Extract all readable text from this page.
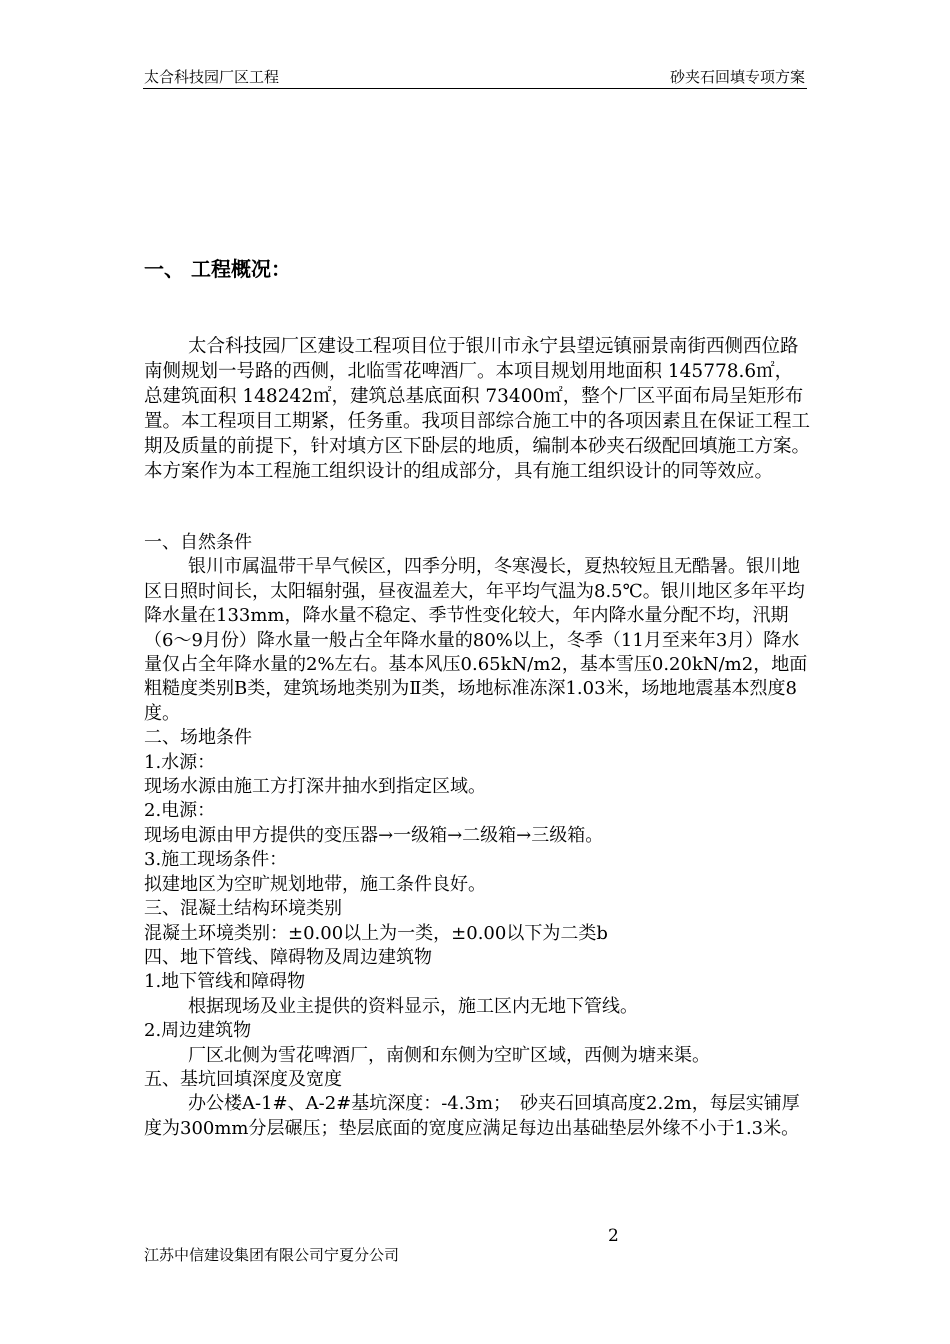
太合科技园厂区工程	砂夹石回填专项方案
一、 工程概况：

太合科技园厂区建设工程项目位于银川市永宁县望远镇丽景南街西侧西位路南侧规划一号路的西侧，北临雪花啤酒厂。本项目规划用地面积 145778.6㎡，总建筑面积 148242㎡，建筑总基底面积 73400㎡，整个厂区平面布局呈矩形布置。本工程项目工期紧，任务重。我项目部综合施工中的各项因素且在保证工程工期及质量的前提下，针对填方区下卧层的地质，编制本砂夹石级配回填施工方案。本方案作为本工程施工组织设计的组成部分，具有施工组织设计的同等效应。

一、自然条件

银川市属温带干旱气候区，四季分明，冬寒漫长，夏热较短且无酷暑。银川地区日照时间长，太阳辐射强，昼夜温差大，年平均气温为8.5℃。银川地区多年平均降水量在133mm，降水量不稳定、季节性变化较大，年内降水量分配不均，汛期（6～9月份）降水量一般占全年降水量的80%以上，冬季（11月至来年3月）降水量仅占全年降水量的2%左右。基本风压0.65kN/m2，基本雪压0.20kN/m2，地面粗糙度类别B类，建筑场地类别为Ⅱ类，场地标准冻深1.03米，场地地震基本烈度8度。

二、场地条件

1.水源：

现场水源由施工方打深井抽水到指定区域。

2.电源：

现场电源由甲方提供的变压器→一级箱→二级箱→三级箱。

3.施工现场条件：

拟建地区为空旷规划地带，施工条件良好。

三、混凝土结构环境类别

混凝土环境类别：±0.00以上为一类，±0.00以下为二类b

四、地下管线、障碍物及周边建筑物

1.地下管线和障碍物

根据现场及业主提供的资料显示，施工区内无地下管线。

2.周边建筑物

厂区北侧为雪花啤酒厂，南侧和东侧为空旷区域，西侧为塘来渠。

五、基坑回填深度及宽度

办公楼A-1#、A-2#基坑深度：-4.3m；　砂夹石回填高度2.2m，每层实铺厚度为300mm分层碾压；垫层底面的宽度应满足每边出基础垫层外缘不小于1.3米。

2
江苏中信建设集团有限公司宁夏分公司
